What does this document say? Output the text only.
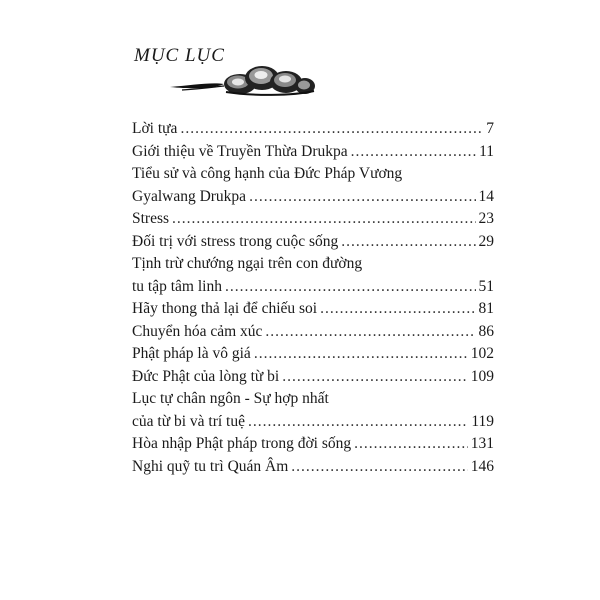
MỤC LỤC
Lời tựa .....	7
Giới thiệu về Truyền Thừa Drukpa .....	11
Tiểu sử và công hạnh của Đức Pháp Vương
Gyalwang Drukpa .....	14
Stress .....	23
Đối trị với stress trong cuộc sống .....	29
Tịnh trừ chướng ngại trên con đường
tu tập tâm linh .....	51
Hãy thong thả lại để chiếu soi .....	81
Chuyển hóa cảm xúc .....	86
Phật pháp là vô giá .....	102
Đức Phật của lòng từ bi .....	109
Lục tự chân ngôn - Sự hợp nhất
của từ bi và trí tuệ .....	119
Hòa nhập Phật pháp trong đời sống .....	131
Nghi quỹ tu trì Quán Âm .....	146
